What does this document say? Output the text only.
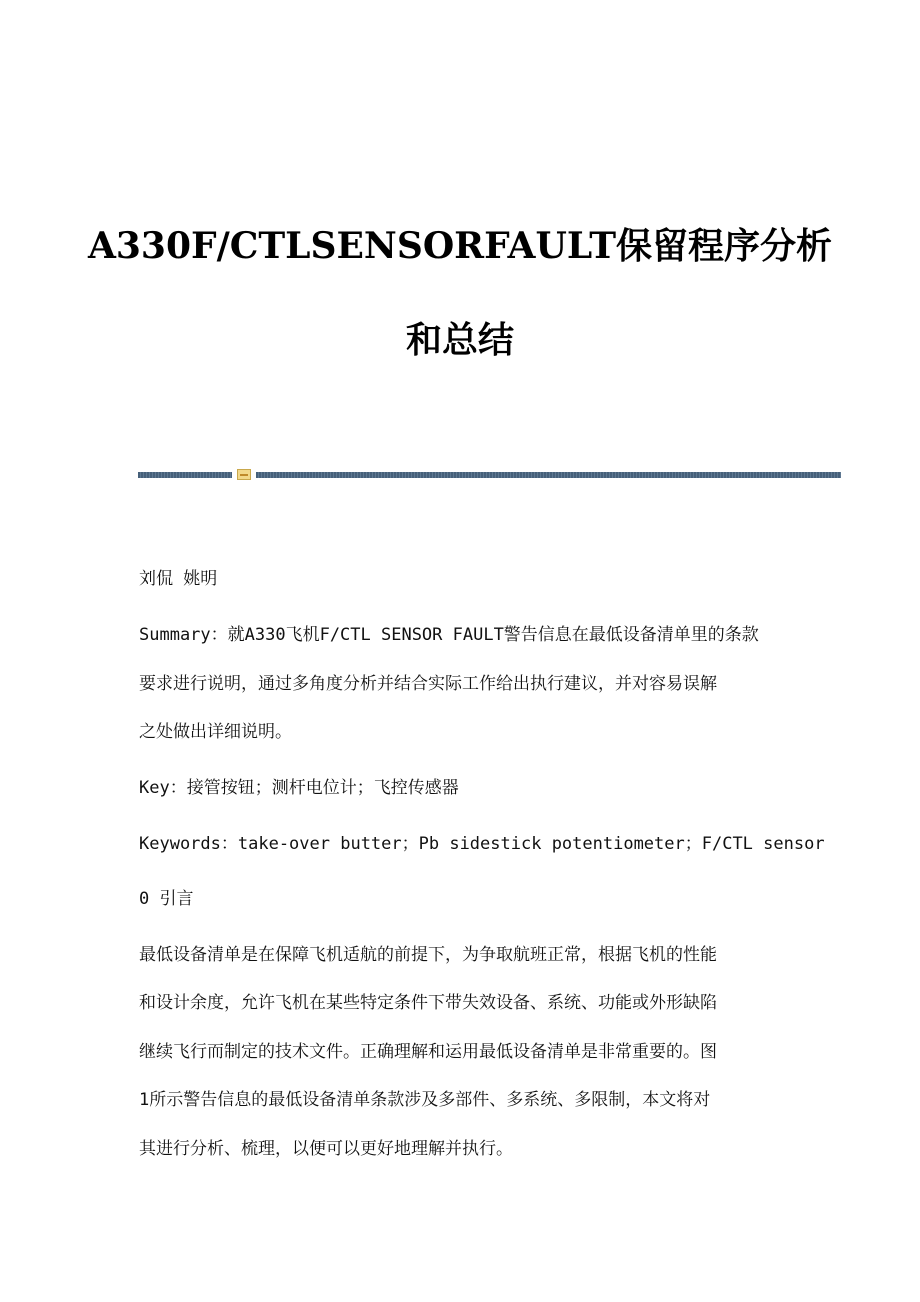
A330F/CTLSENSORFAULT保留程序分析
和总结
刘侃 姚明
Summary：就A330飞机F/CTL SENSOR FAULT警告信息在最低设备清单里的条款
要求进行说明，通过多角度分析并结合实际工作给出执行建议，并对容易误解
之处做出详细说明。
Key：接管按钮；测杆电位计；飞控传感器
Keywords：take-over butter；Pb sidestick potentiometer；F/CTL sensor
0 引言
最低设备清单是在保障飞机适航的前提下，为争取航班正常，根据飞机的性能
和设计余度，允许飞机在某些特定条件下带失效设备、系统、功能或外形缺陷
继续飞行而制定的技术文件。正确理解和运用最低设备清单是非常重要的。图
1所示警告信息的最低设备清单条款涉及多部件、多系统、多限制，本文将对
其进行分析、梳理，以便可以更好地理解并执行。
